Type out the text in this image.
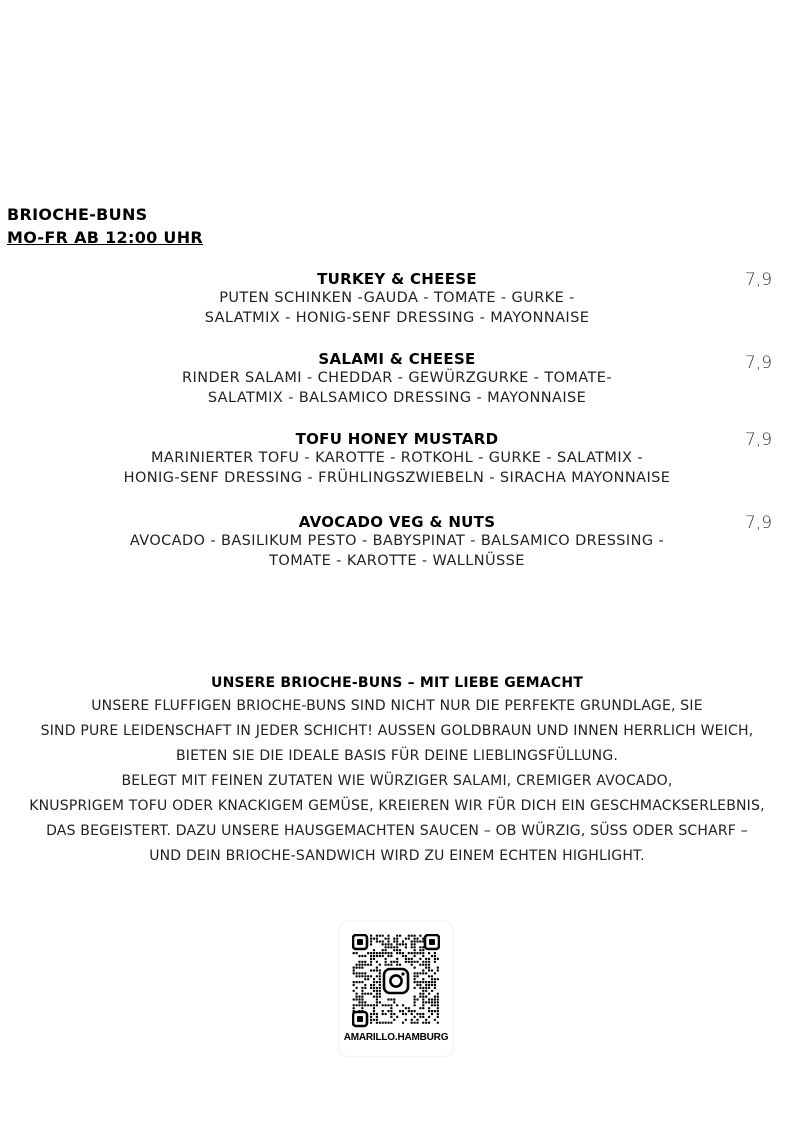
BRIOCHE-BUNS
MO-FR AB 12:00 UHR
TURKEY & CHEESE
PUTEN SCHINKEN -GAUDA - TOMATE - GURKE -
SALATMIX - HONIG-SENF DRESSING - MAYONNAISE
7,9
SALAMI & CHEESE
RINDER SALAMI - CHEDDAR - GEWÜRZGURKE - TOMATE-
SALATMIX - BALSAMICO DRESSING - MAYONNAISE
7,9
TOFU HONEY MUSTARD
MARINIERTER TOFU - KAROTTE - ROTKOHL - GURKE - SALATMIX -
HONIG-SENF DRESSING - FRÜHLINGSZWIEBELN - SIRACHA MAYONNAISE
7,9
AVOCADO VEG & NUTS
AVOCADO - BASILIKUM PESTO - BABYSPINAT - BALSAMICO DRESSING -
TOMATE - KAROTTE - WALLNÜSSE
7,9
UNSERE BRIOCHE-BUNS – MIT LIEBE GEMACHT
UNSERE FLUFFIGEN BRIOCHE-BUNS SIND NICHT NUR DIE PERFEKTE GRUNDLAGE, SIE
SIND PURE LEIDENSCHAFT IN JEDER SCHICHT! AUSSEN GOLDBRAUN UND INNEN HERRLICH WEICH,
BIETEN SIE DIE IDEALE BASIS FÜR DEINE LIEBLINGSFÜLLUNG.
BELEGT MIT FEINEN ZUTATEN WIE WÜRZIGER SALAMI, CREMIGER AVOCADO,
KNUSPRIGEM TOFU ODER KNACKIGEM GEMÜSE, KREIEREN WIR FÜR DICH EIN GESCHMACKSERLEBNIS,
DAS BEGEISTERT. DAZU UNSERE HAUSGEMACHTEN SAUCEN – OB WÜRZIG, SÜSS ODER SCHARF –
UND DEIN BRIOCHE-SANDWICH WIRD ZU EINEM ECHTEN HIGHLIGHT.
AMARILLO.HAMBURG
